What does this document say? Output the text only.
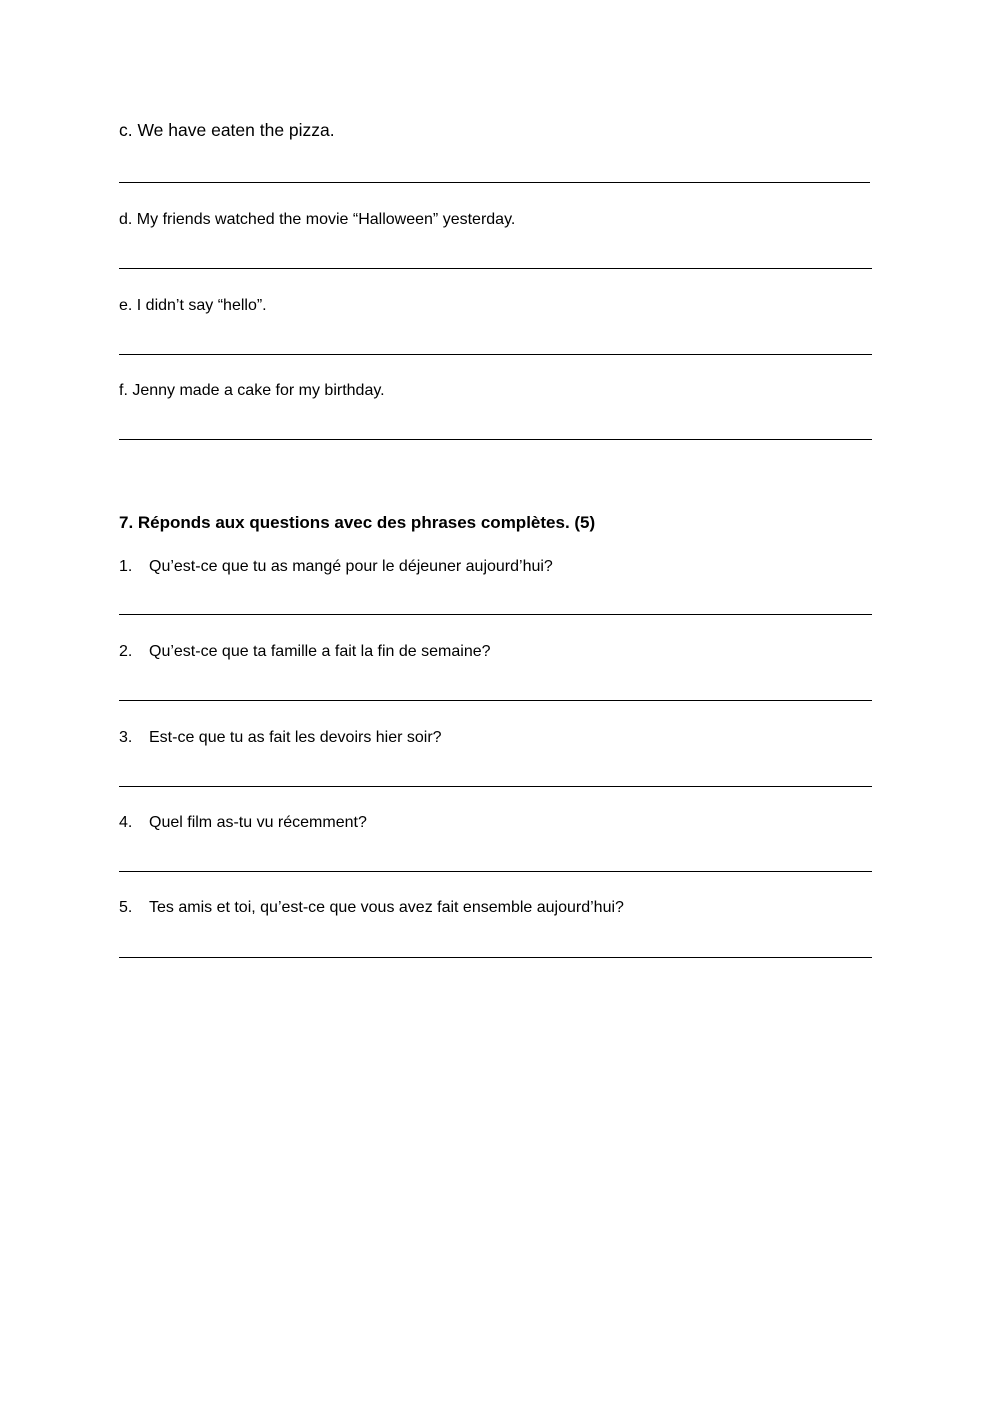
c. We have eaten the pizza.
d. My friends watched the movie “Halloween” yesterday.
e. I didn’t say “hello”.
f. Jenny made a cake for my birthday.
7. Réponds aux questions avec des phrases complètes. (5)
1. Qu’est-ce que tu as mangé pour le déjeuner aujourd’hui?
2. Qu’est-ce que ta famille a fait la fin de semaine?
3. Est-ce que tu as fait les devoirs hier soir?
4. Quel film as-tu vu récemment?
5. Tes amis et toi, qu’est-ce que vous avez fait ensemble aujourd’hui?
